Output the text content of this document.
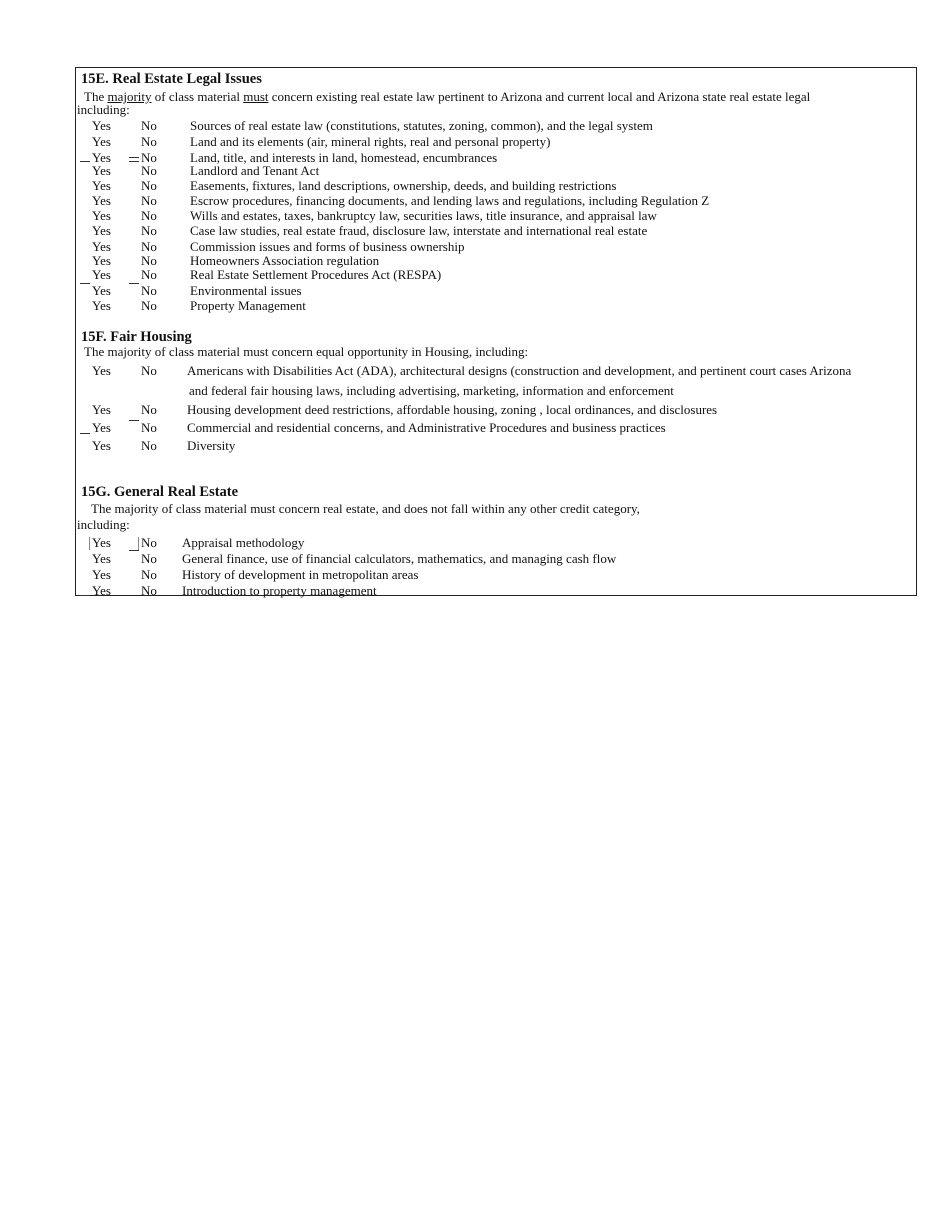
15E. Real Estate Legal Issues
The majority of class material must concern existing real estate law pertinent to Arizona and current local and Arizona state real estate legal
including:
Yes No	Sources of real estate law (constitutions, statutes, zoning, common), and the legal system
Yes No	Land and its elements (air, mineral rights, real and personal property)
Yes No	Land, title, and interests in land, homestead, encumbrances
Yes No	Landlord and Tenant Act
Yes No	Easements, fixtures, land descriptions, ownership, deeds, and building restrictions
Yes No	Escrow procedures, financing documents, and lending laws and regulations, including Regulation Z
Yes No	Wills and estates, taxes, bankruptcy law, securities laws, title insurance, and appraisal law
Yes No	Case law studies, real estate fraud, disclosure law, interstate and international real estate
Yes No	Commission issues and forms of business ownership
Yes No	Homeowners Association regulation
Yes No	Real Estate Settlement Procedures Act (RESPA)
Yes No	Environmental issues
Yes No	Property Management
15F. Fair Housing
The majority of class material must concern equal opportunity in Housing, including:
Yes No Americans with Disabilities Act (ADA), architectural designs (construction and development, and pertinent court cases Arizona
and federal fair housing laws, including advertising, marketing, information and enforcement
Yes No Housing development deed restrictions, affordable housing, zoning , local ordinances, and disclosures
Yes No Commercial and residential concerns, and Administrative Procedures and business practices
Yes No Diversity
15G. General Real Estate
The majority of class material must concern real estate, and does not fall within any other credit category,
including:
Yes No Appraisal methodology
Yes No General finance, use of financial calculators, mathematics, and managing cash flow
Yes No History of development in metropolitan areas
Yes No Introduction to property management
